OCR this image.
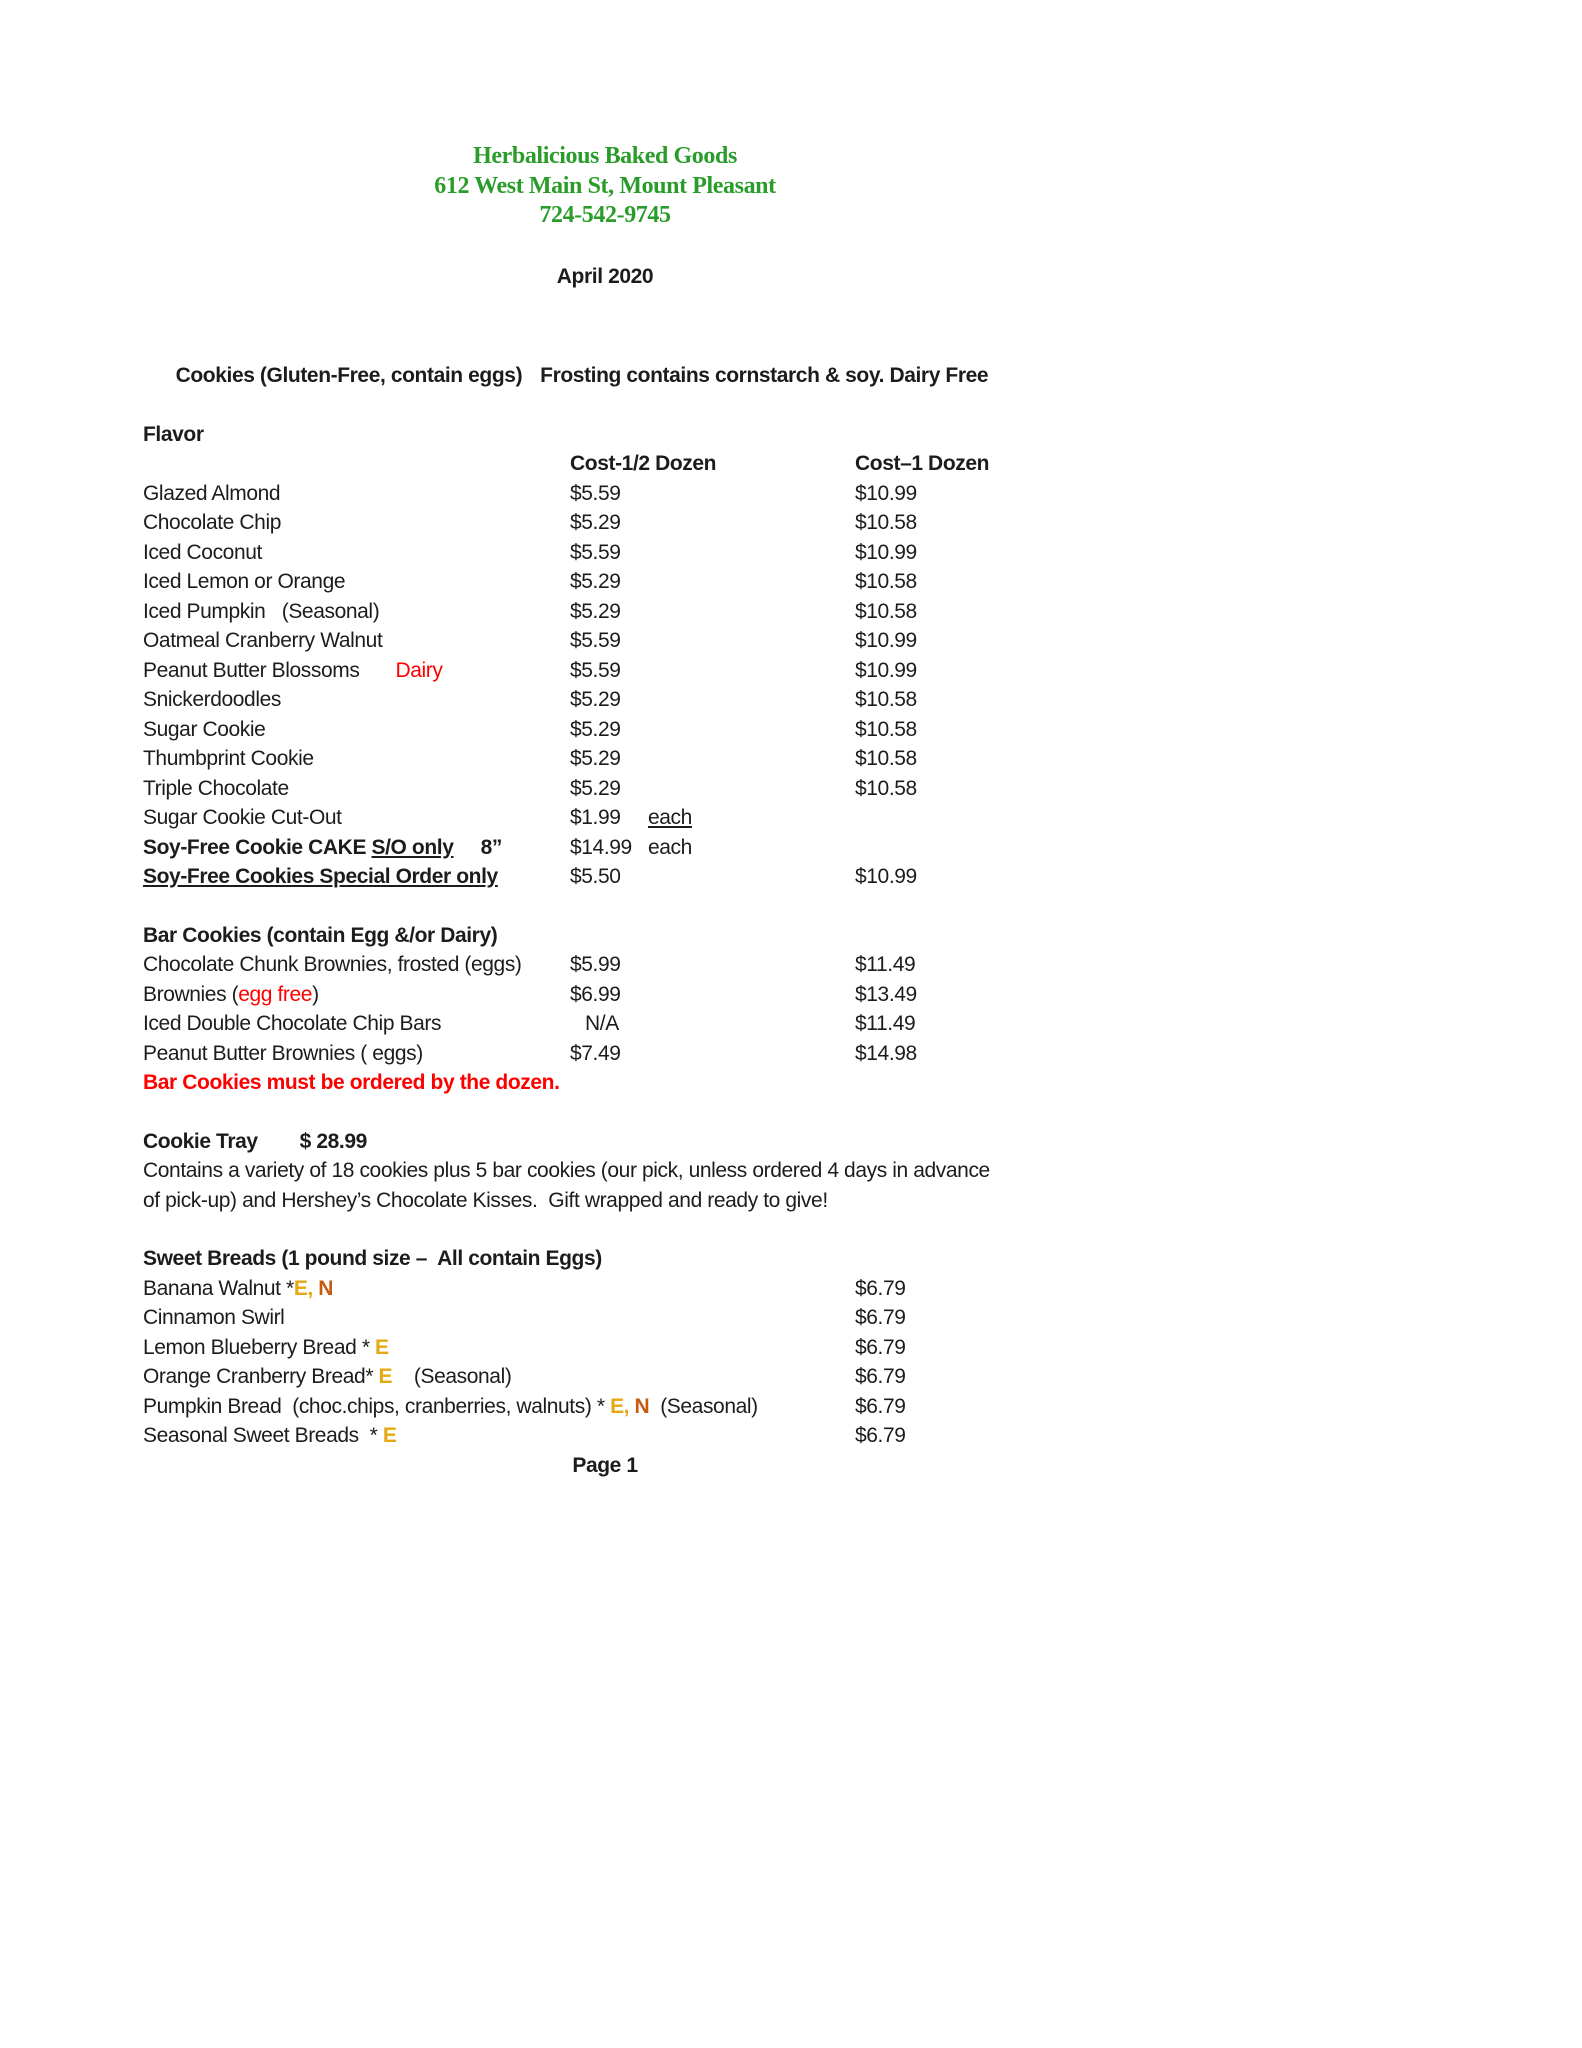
Herbalicious Baked Goods
612 West Main St, Mount Pleasant
724-542-9745
April 2020

Cookies (Gluten-Free, contain eggs) Frosting contains cornstarch & soy. Dairy Free

Flavor
Cost-1/2 Dozen	Cost–1 Dozen
Glazed Almond	$5.59	$10.99
Chocolate Chip	$5.29	$10.58
Iced Coconut	$5.59	$10.99
Iced Lemon or Orange	$5.29	$10.58
Iced Pumpkin   (Seasonal)	$5.29	$10.58
Oatmeal Cranberry Walnut	$5.59	$10.99
Peanut Butter Blossoms Dairy	$5.59	$10.99
Snickerdoodles	$5.29	$10.58
Sugar Cookie	$5.29	$10.58
Thumbprint Cookie	$5.29	$10.58
Triple Chocolate	$5.29	$10.58
Sugar Cookie Cut-Out	$1.99 each
Soy-Free Cookie CAKE S/O only     8”	$14.99 each
Soy-Free Cookies Special Order only	$5.50	$10.99
Bar Cookies (contain Egg &/or Dairy)
Chocolate Chunk Brownies, frosted (eggs)	$5.99	$11.49
Brownies (egg free)	$6.99	$13.49
Iced Double Chocolate Chip Bars	N/A	$11.49
Peanut Butter Brownies ( eggs)	$7.49	$14.98
Bar Cookies must be ordered by the dozen.
Cookie Tray $ 28.99
Contains a variety of 18 cookies plus 5 bar cookies (our pick, unless ordered 4 days in advance
of pick-up) and Hershey’s Chocolate Kisses.  Gift wrapped and ready to give!
Sweet Breads (1 pound size –  All contain Eggs)
Banana Walnut *E, N	$6.79
Cinnamon Swirl	$6.79
Lemon Blueberry Bread * E	$6.79
Orange Cranberry Bread* E    (Seasonal)	$6.79
Pumpkin Bread  (choc.chips, cranberries, walnuts) * E, N  (Seasonal)	$6.79
Seasonal Sweet Breads  * E	$6.79
Page 1
